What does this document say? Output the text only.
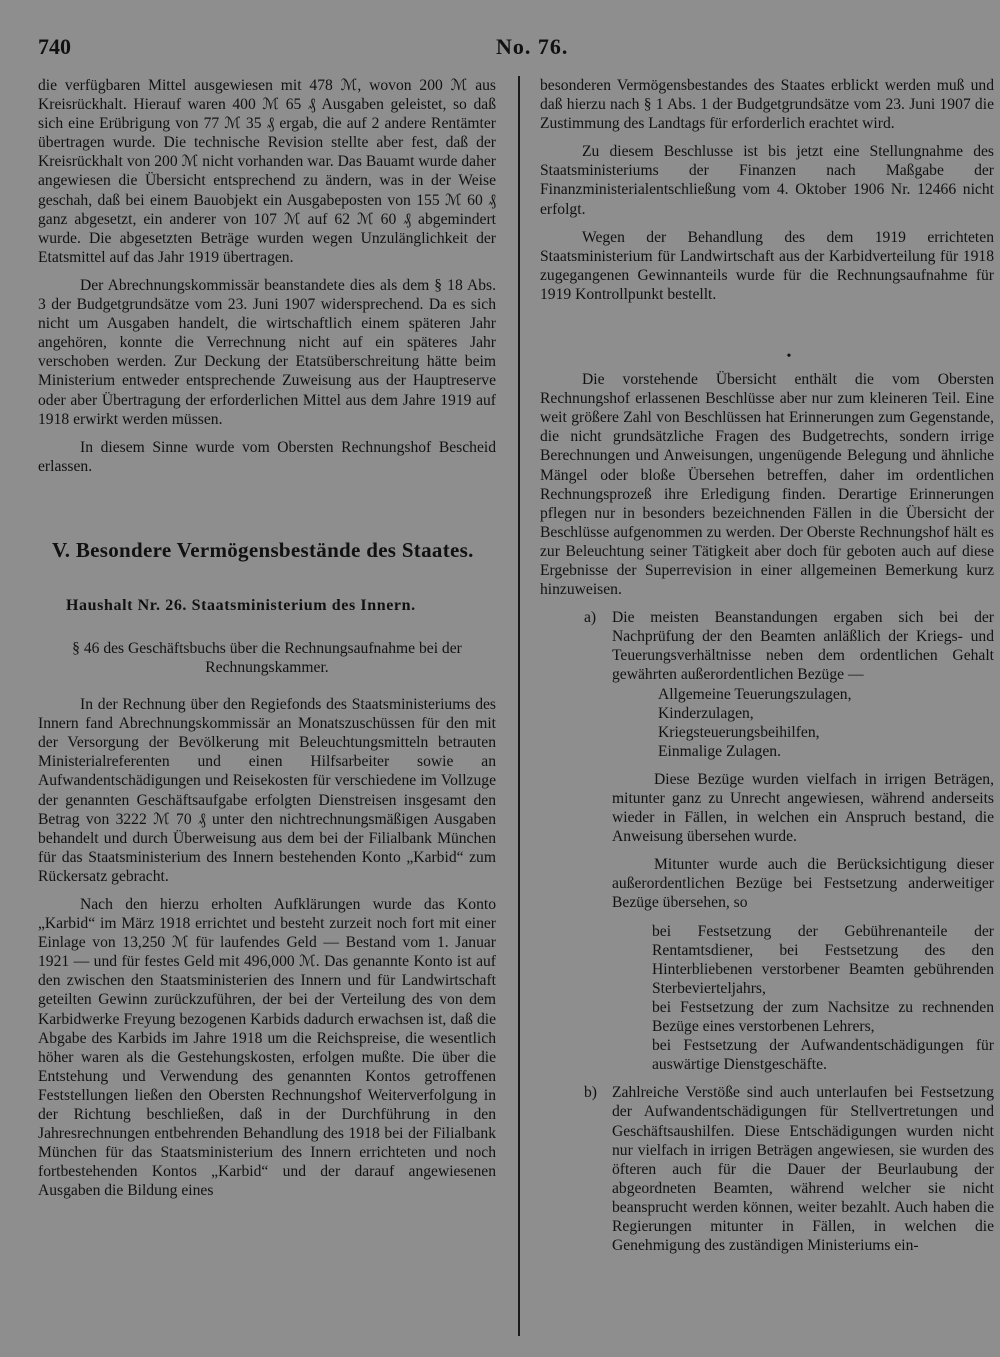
740	No. 76.

die verfügbaren Mittel ausgewiesen mit 478 ℳ, wovon 200 ℳ aus Kreisrückhalt. Hierauf waren 400 ℳ 65 ₰ Ausgaben geleistet, so daß sich eine Erübrigung von 77 ℳ 35 ₰ ergab, die auf 2 andere Rentämter übertragen wurde. Die technische Revision stellte aber fest, daß der Kreisrückhalt von 200 ℳ nicht vorhanden war. Das Bauamt wurde daher angewiesen die Übersicht entsprechend zu ändern, was in der Weise geschah, daß bei einem Bauobjekt ein Ausgabeposten von 155 ℳ 60 ₰ ganz abgesetzt, ein anderer von 107 ℳ auf 62 ℳ 60 ₰ abgemindert wurde. Die abgesetzten Beträge wurden wegen Unzulänglichkeit der Etatsmittel auf das Jahr 1919 übertragen.

Der Abrechnungskommissär beanstandete dies als dem § 18 Abs. 3 der Budgetgrundsätze vom 23. Juni 1907 widersprechend. Da es sich nicht um Ausgaben handelt, die wirtschaftlich einem späteren Jahr angehören, konnte die Verrechnung nicht auf ein späteres Jahr verschoben werden. Zur Deckung der Etatsüberschreitung hätte beim Ministerium entweder entsprechende Zuweisung aus der Hauptreserve oder aber Übertragung der erforderlichen Mittel aus dem Jahre 1919 auf 1918 erwirkt werden müssen.

In diesem Sinne wurde vom Obersten Rechnungshof Bescheid erlassen.

V. Besondere Vermögensbestände des Staates.
Haushalt Nr. 26. Staatsministerium des Innern.
§ 46 des Geschäftsbuchs über die Rechnungsaufnahme bei der Rechnungskammer.

In der Rechnung über den Regiefonds des Staatsministeriums des Innern fand Abrechnungskommissär an Monatszuschüssen für den mit der Versorgung der Bevölkerung mit Beleuchtungsmitteln betrauten Ministerialreferenten und einen Hilfsarbeiter sowie an Aufwandentschädigungen und Reisekosten für verschiedene im Vollzuge der genannten Geschäftsaufgabe erfolgten Dienstreisen insgesamt den Betrag von 3222 ℳ 70 ₰ unter den nichtrechnungsmäßigen Ausgaben behandelt und durch Überweisung aus dem bei der Filialbank München für das Staatsministerium des Innern bestehenden Konto „Karbid“ zum Rückersatz gebracht.

Nach den hierzu erholten Aufklärungen wurde das Konto „Karbid“ im März 1918 errichtet und besteht zurzeit noch fort mit einer Einlage von 13,250 ℳ für laufendes Geld — Bestand vom 1. Januar 1921 — und für festes Geld mit 496,000 ℳ. Das genannte Konto ist auf den zwischen den Staatsministerien des Innern und für Landwirtschaft geteilten Gewinn zurückzuführen, der bei der Verteilung des von dem Karbidwerke Freyung bezogenen Karbids dadurch erwachsen ist, daß die Abgabe des Karbids im Jahre 1918 um die Reichspreise, die wesentlich höher waren als die Gestehungskosten, erfolgen mußte. Die über die Entstehung und Verwendung des genannten Kontos getroffenen Feststellungen ließen den Obersten Rechnungshof Weiterverfolgung in der Richtung beschließen, daß in der Durchführung in den Jahresrechnungen entbehrenden Behandlung des 1918 bei der Filialbank München für das Staatsministerium des Innern errichteten und noch fortbestehenden Kontos „Karbid“ und der darauf angewiesenen Ausgaben die Bildung eines

besonderen Vermögensbestandes des Staates erblickt werden muß und daß hierzu nach § 1 Abs. 1 der Budgetgrundsätze vom 23. Juni 1907 die Zustimmung des Landtags für erforderlich erachtet wird.

Zu diesem Beschlusse ist bis jetzt eine Stellungnahme des Staatsministeriums der Finanzen nach Maßgabe der Finanzministerialentschließung vom 4. Oktober 1906 Nr. 12466 nicht erfolgt.

Wegen der Behandlung des dem 1919 errichteten Staatsministerium für Landwirtschaft aus der Karbidverteilung für 1918 zugegangenen Gewinnanteils wurde für die Rechnungsaufnahme für 1919 Kontrollpunkt bestellt.

•

Die vorstehende Übersicht enthält die vom Obersten Rechnungshof erlassenen Beschlüsse aber nur zum kleineren Teil. Eine weit größere Zahl von Beschlüssen hat Erinnerungen zum Gegenstande, die nicht grundsätzliche Fragen des Budgetrechts, sondern irrige Berechnungen und Anweisungen, ungenügende Belegung und ähnliche Mängel oder bloße Übersehen betreffen, daher im ordentlichen Rechnungsprozeß ihre Erledigung finden. Derartige Erinnerungen pflegen nur in besonders bezeichnenden Fällen in die Übersicht der Beschlüsse aufgenommen zu werden. Der Oberste Rechnungshof hält es zur Beleuchtung seiner Tätigkeit aber doch für geboten auch auf diese Ergebnisse der Superrevision in einer allgemeinen Bemerkung kurz hinzuweisen.

a) Die meisten Beanstandungen ergaben sich bei der Nachprüfung der den Beamten anläßlich der Kriegs- und Teuerungsverhältnisse neben dem ordentlichen Gehalt gewährten außerordentlichen Bezüge —

Allgemeine Teuerungszulagen,
Kinderzulagen,
Kriegsteuerungsbeihilfen,
Einmalige Zulagen.

Diese Bezüge wurden vielfach in irrigen Beträgen, mitunter ganz zu Unrecht angewiesen, während anderseits wieder in Fällen, in welchen ein Anspruch bestand, die Anweisung übersehen wurde.

Mitunter wurde auch die Berücksichtigung dieser außerordentlichen Bezüge bei Festsetzung anderweitiger Bezüge übersehen, so

bei Festsetzung der Gebührenanteile der Rentamtsdiener, bei Festsetzung des den Hinterbliebenen verstorbener Beamten gebührenden Sterbevierteljahrs,

bei Festsetzung der zum Nachsitze zu rechnenden Bezüge eines verstorbenen Lehrers,

bei Festsetzung der Aufwandentschädigungen für auswärtige Dienstgeschäfte.

b) Zahlreiche Verstöße sind auch unterlaufen bei Festsetzung der Aufwandentschädigungen für Stellvertretungen und Geschäftsaushilfen. Diese Entschädigungen wurden nicht nur vielfach in irrigen Beträgen angewiesen, sie wurden des öfteren auch für die Dauer der Beurlaubung der abgeordneten Beamten, während welcher sie nicht beansprucht werden können, weiter bezahlt. Auch haben die Regierungen mitunter in Fällen, in welchen die Genehmigung des zuständigen Ministeriums ein-
